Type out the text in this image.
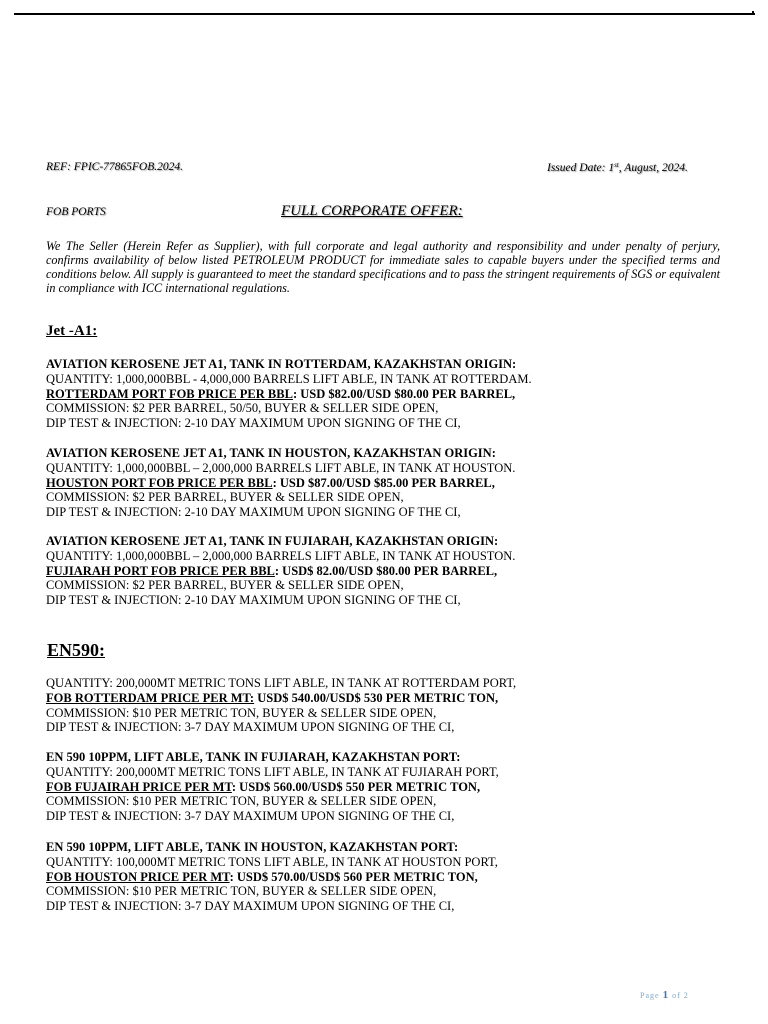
REF: FPIC-77865FOB.2024.	Issued Date: 1st, August, 2024.
FOB PORTS	FULL CORPORATE OFFER:
We The Seller (Herein Refer as Supplier), with full corporate and legal authority and responsibility and under penalty of perjury, confirms availability of below listed PETROLEUM PRODUCT for immediate sales to capable buyers under the specified terms and conditions below. All supply is guaranteed to meet the standard specifications and to pass the stringent requirements of SGS or equivalent in compliance with ICC international regulations.
Jet -A1:
AVIATION KEROSENE JET A1, TANK IN ROTTERDAM, KAZAKHSTAN ORIGIN:
QUANTITY: 1,000,000BBL - 4,000,000 BARRELS LIFT ABLE, IN TANK AT ROTTERDAM.
ROTTERDAM PORT FOB PRICE PER BBL: USD $82.00/USD $80.00 PER BARREL,
COMMISSION: $2 PER BARREL, 50/50, BUYER & SELLER SIDE OPEN,
DIP TEST & INJECTION: 2-10 DAY MAXIMUM UPON SIGNING OF THE CI,
AVIATION KEROSENE JET A1, TANK IN HOUSTON, KAZAKHSTAN ORIGIN:
QUANTITY: 1,000,000BBL – 2,000,000 BARRELS LIFT ABLE, IN TANK AT HOUSTON.
HOUSTON PORT FOB PRICE PER BBL: USD $87.00/USD $85.00 PER BARREL,
COMMISSION: $2 PER BARREL, BUYER & SELLER SIDE OPEN,
DIP TEST & INJECTION: 2-10 DAY MAXIMUM UPON SIGNING OF THE CI,
AVIATION KEROSENE JET A1, TANK IN FUJIARAH, KAZAKHSTAN ORIGIN:
QUANTITY: 1,000,000BBL – 2,000,000 BARRELS LIFT ABLE, IN TANK AT HOUSTON.
FUJIARAH PORT FOB PRICE PER BBL: USD$ 82.00/USD $80.00 PER BARREL,
COMMISSION: $2 PER BARREL, BUYER & SELLER SIDE OPEN,
DIP TEST & INJECTION: 2-10 DAY MAXIMUM UPON SIGNING OF THE CI,
EN590:
QUANTITY: 200,000MT METRIC TONS LIFT ABLE, IN TANK AT ROTTERDAM PORT,
FOB ROTTERDAM PRICE PER MT: USD$ 540.00/USD$ 530 PER METRIC TON,
COMMISSION: $10 PER METRIC TON, BUYER & SELLER SIDE OPEN,
DIP TEST & INJECTION: 3-7 DAY MAXIMUM UPON SIGNING OF THE CI,
EN 590 10PPM, LIFT ABLE, TANK IN FUJIARAH, KAZAKHSTAN PORT:
QUANTITY: 200,000MT METRIC TONS LIFT ABLE, IN TANK AT FUJIARAH PORT,
FOB FUJAIRAH PRICE PER MT: USD$ 560.00/USD$ 550 PER METRIC TON,
COMMISSION: $10 PER METRIC TON, BUYER & SELLER SIDE OPEN,
DIP TEST & INJECTION: 3-7 DAY MAXIMUM UPON SIGNING OF THE CI,
EN 590 10PPM, LIFT ABLE, TANK IN HOUSTON, KAZAKHSTAN PORT:
QUANTITY: 100,000MT METRIC TONS LIFT ABLE, IN TANK AT HOUSTON PORT,
FOB HOUSTON PRICE PER MT: USD$ 570.00/USD$ 560 PER METRIC TON,
COMMISSION: $10 PER METRIC TON, BUYER & SELLER SIDE OPEN,
DIP TEST & INJECTION: 3-7 DAY MAXIMUM UPON SIGNING OF THE CI,
Page 1 of 2
